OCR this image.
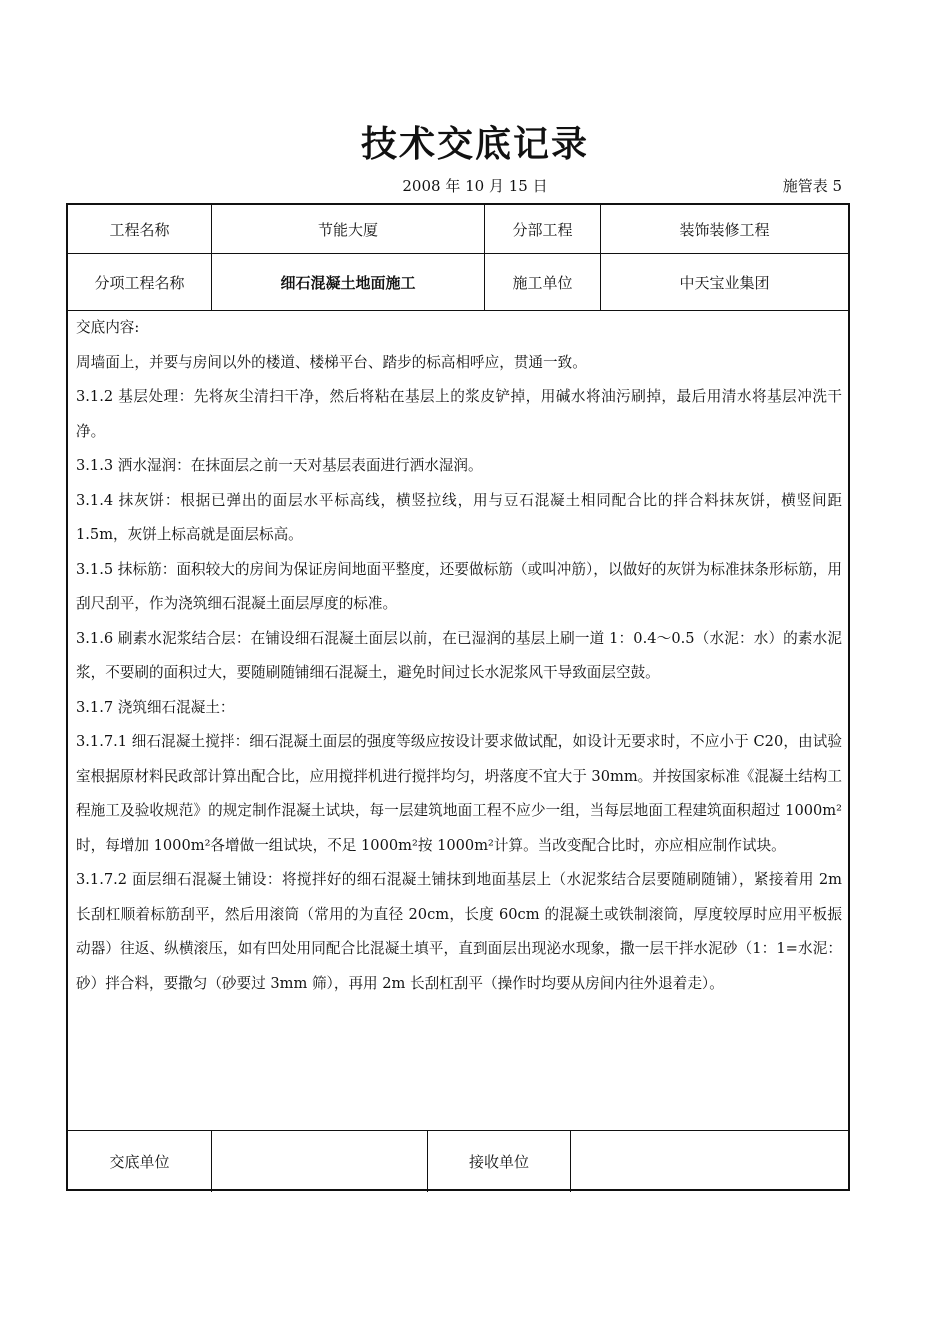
技术交底记录
2008 年 10 月 15 日	施管表 5
工程名称	节能大厦	分部工程	装饰装修工程
分项工程名称	细石混凝土地面施工	施工单位	中天宝业集团

交底内容:

周墙面上，并要与房间以外的楼道、楼梯平台、踏步的标高相呼应，贯通一致。

3.1.2 基层处理：先将灰尘清扫干净，然后将粘在基层上的浆皮铲掉，用碱水将油污刷掉，最后用清水将基层冲洗干净。

3.1.3 洒水湿润：在抹面层之前一天对基层表面进行洒水湿润。

3.1.4 抹灰饼：根据已弹出的面层水平标高线，横竖拉线，用与豆石混凝土相同配合比的拌合料抹灰饼，横竖间距 1.5m，灰饼上标高就是面层标高。

3.1.5 抹标筋：面积较大的房间为保证房间地面平整度，还要做标筋（或叫冲筋），以做好的灰饼为标准抹条形标筋，用刮尺刮平，作为浇筑细石混凝土面层厚度的标准。

3.1.6 刷素水泥浆结合层：在铺设细石混凝土面层以前，在已湿润的基层上刷一道 1：0.4～0.5（水泥：水）的素水泥浆，不要刷的面积过大，要随刷随铺细石混凝土，避免时间过长水泥浆风干导致面层空鼓。

3.1.7 浇筑细石混凝土：

3.1.7.1 细石混凝土搅拌：细石混凝土面层的强度等级应按设计要求做试配，如设计无要求时，不应小于 C20，由试验室根据原材料民政部计算出配合比，应用搅拌机进行搅拌均匀，坍落度不宜大于 30mm。并按国家标准《混凝土结构工程施工及验收规范》的规定制作混凝土试块，每一层建筑地面工程不应少一组，当每层地面工程建筑面积超过 1000m²时，每增加 1000m²各增做一组试块，不足 1000m²按 1000m²计算。当改变配合比时，亦应相应制作试块。

3.1.7.2 面层细石混凝土铺设：将搅拌好的细石混凝土铺抹到地面基层上（水泥浆结合层要随刷随铺），紧接着用 2m 长刮杠顺着标筋刮平，然后用滚筒（常用的为直径 20cm，长度 60cm 的混凝土或铁制滚筒，厚度较厚时应用平板振动器）往返、纵横滚压，如有凹处用同配合比混凝土填平，直到面层出现泌水现象，撒一层干拌水泥砂（1：1=水泥：砂）拌合料，要撒匀（砂要过 3mm 筛），再用 2m 长刮杠刮平（操作时均要从房间内往外退着走）。

交底单位	接收单位
